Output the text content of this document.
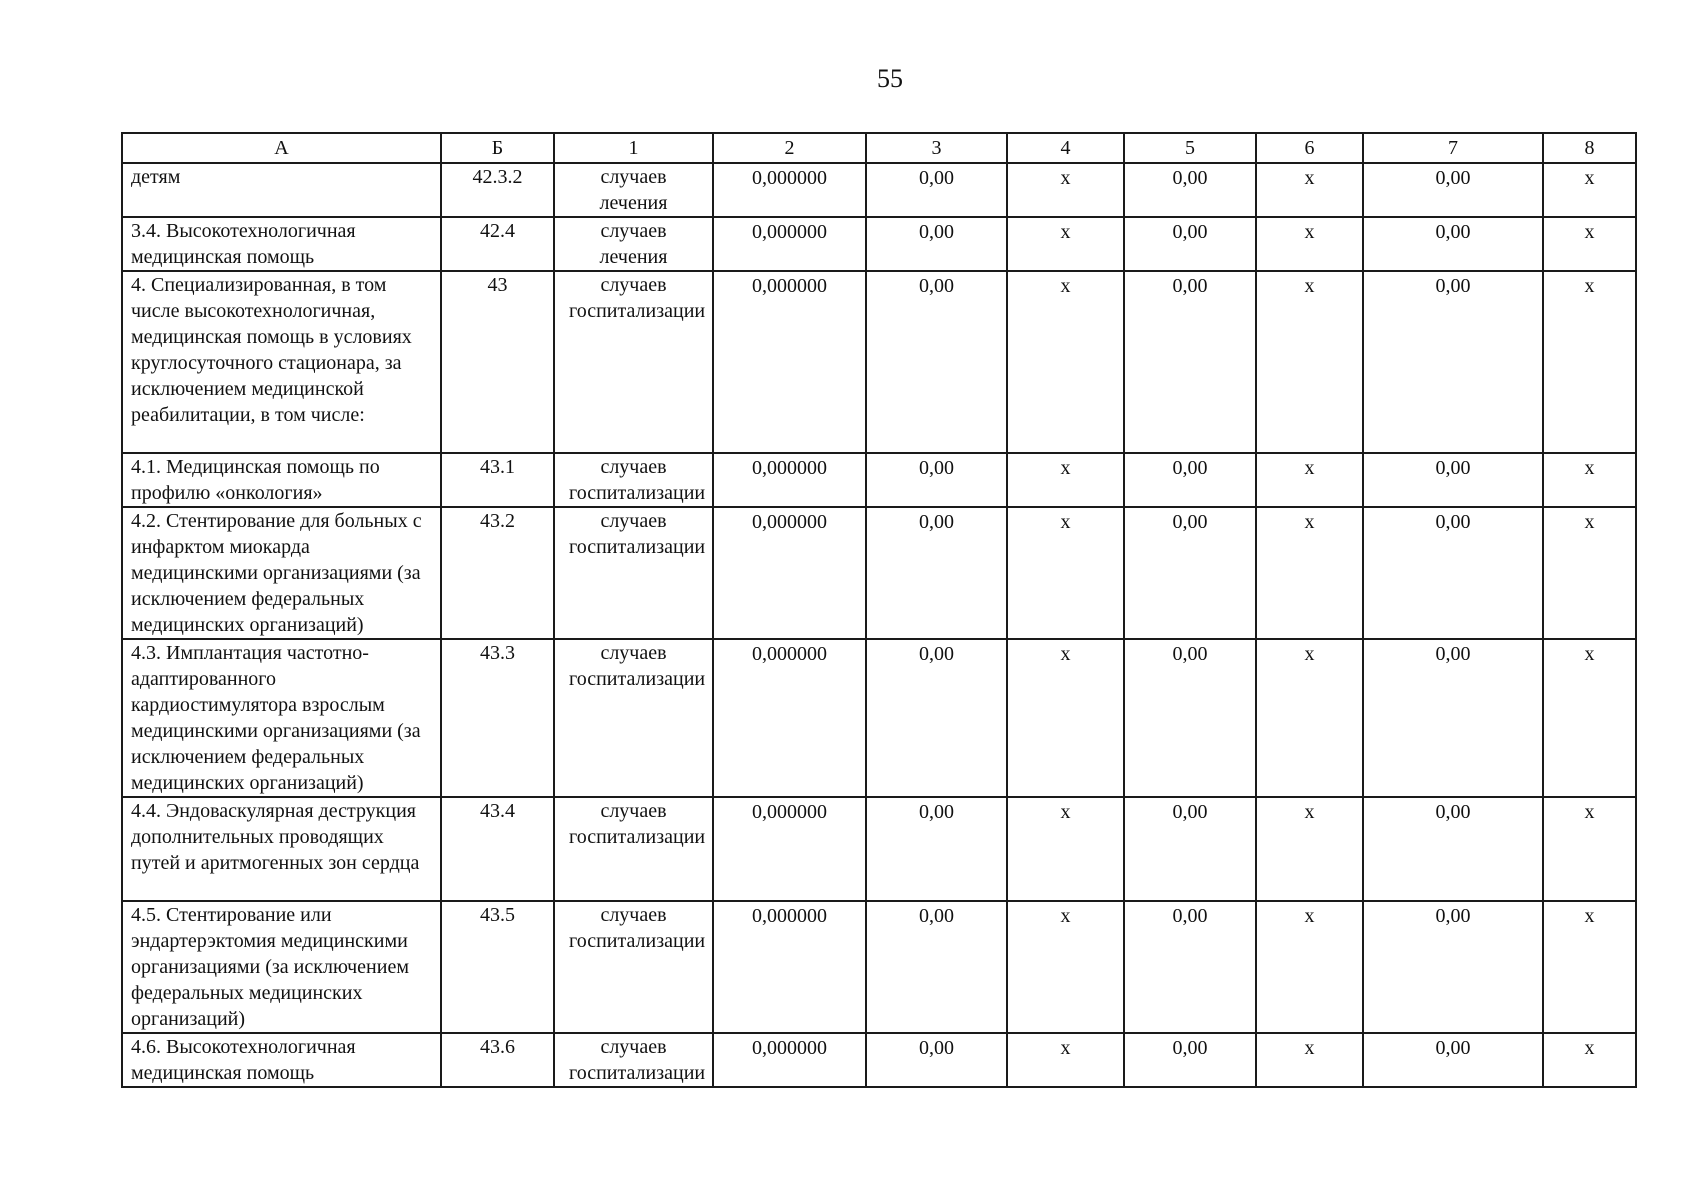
55
А	Б	1	2	3	4	5	6	7	8
детям	42.3.2	случаев лечения	0,000000	0,00	х	0,00	х	0,00	х
3.4. Высокотехнологичная медицинская помощь	42.4	случаев лечения	0,000000	0,00	х	0,00	х	0,00	х
4. Специализированная, в том числе высокотехнологичная, медицинская помощь в условиях круглосуточного стационара, за исключением медицинской реабилитации, в том числе:	43	случаев госпитализации	0,000000	0,00	х	0,00	х	0,00	х
4.1. Медицинская помощь по профилю «онкология»	43.1	случаев госпитализации	0,000000	0,00	х	0,00	х	0,00	х
4.2. Стентирование для больных с инфарктом миокарда медицинскими организациями (за исключением федеральных медицинских организаций)	43.2	случаев госпитализации	0,000000	0,00	х	0,00	х	0,00	х
4.3. Имплантация частотно-адаптированного кардиостимулятора взрослым медицинскими организациями (за исключением федеральных медицинских организаций)	43.3	случаев госпитализации	0,000000	0,00	х	0,00	х	0,00	х
4.4. Эндоваскулярная деструкция дополнительных проводящих путей и аритмогенных зон сердца	43.4	случаев госпитализации	0,000000	0,00	х	0,00	х	0,00	х
4.5. Стентирование или эндартерэктомия медицинскими организациями (за исключением федеральных медицинских организаций)	43.5	случаев госпитализации	0,000000	0,00	х	0,00	х	0,00	х
4.6. Высокотехнологичная медицинская помощь	43.6	случаев госпитализации	0,000000	0,00	х	0,00	х	0,00	х
